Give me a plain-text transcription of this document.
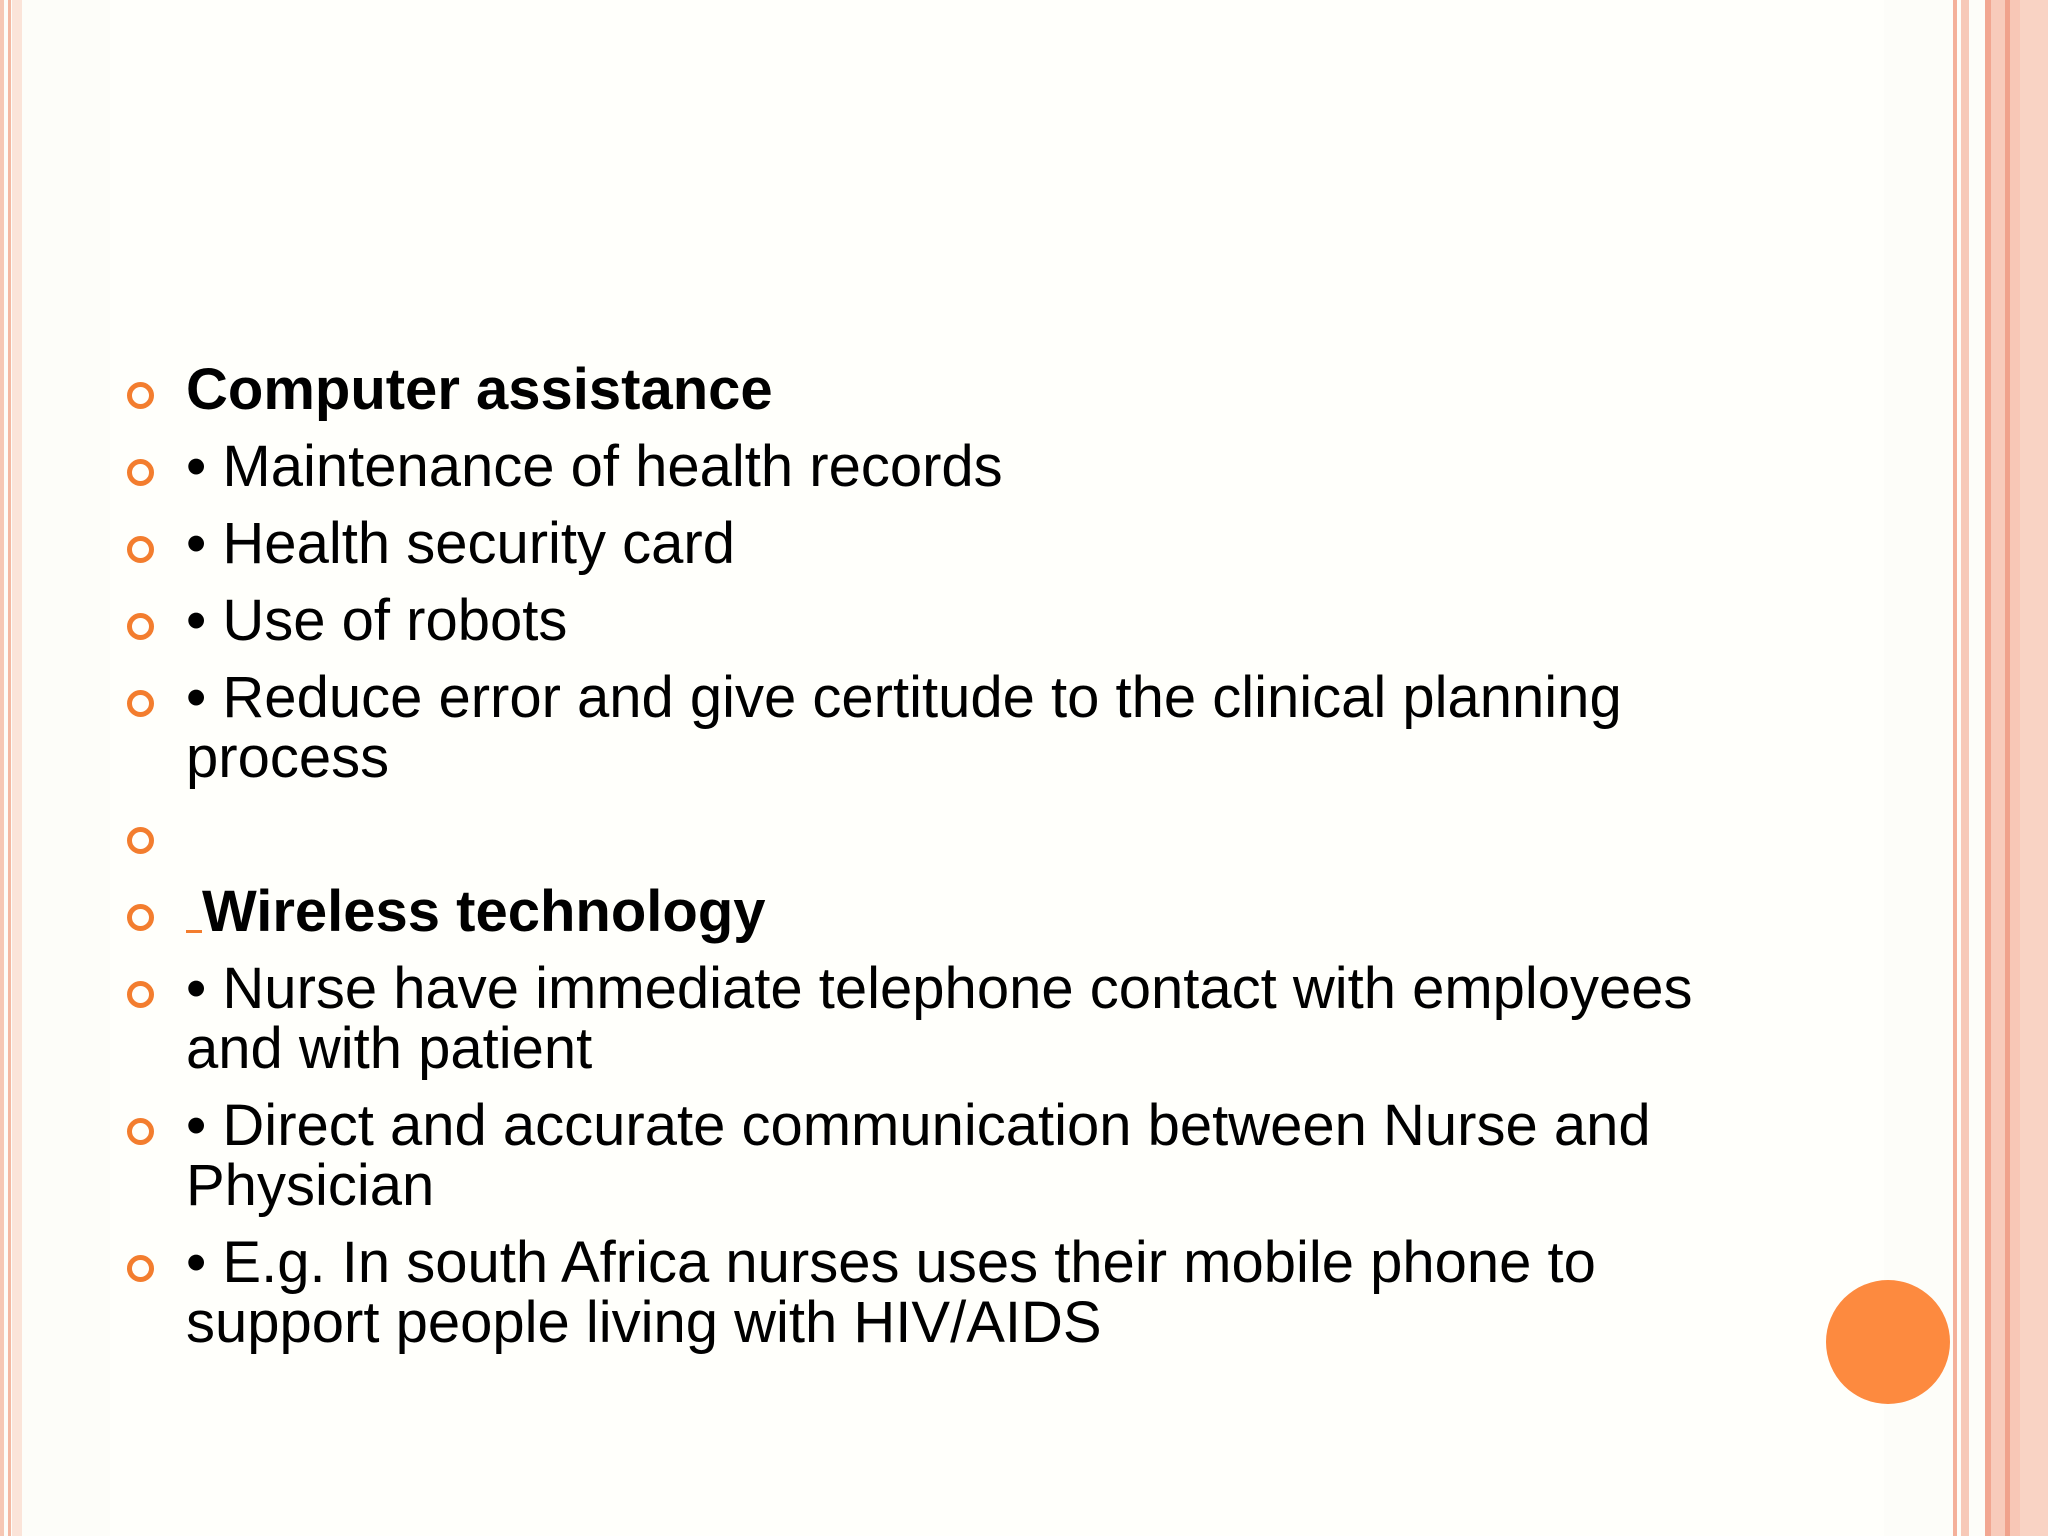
Computer assistance
• Maintenance of health records
• Health security card
• Use of robots
• Reduce error and give certitude to the clinical planning process
Wireless technology
• Nurse have immediate telephone contact with employees and with patient
• Direct and accurate communication between Nurse and Physician
• E.g. In south Africa nurses uses their mobile phone to support people living with HIV/AIDS
